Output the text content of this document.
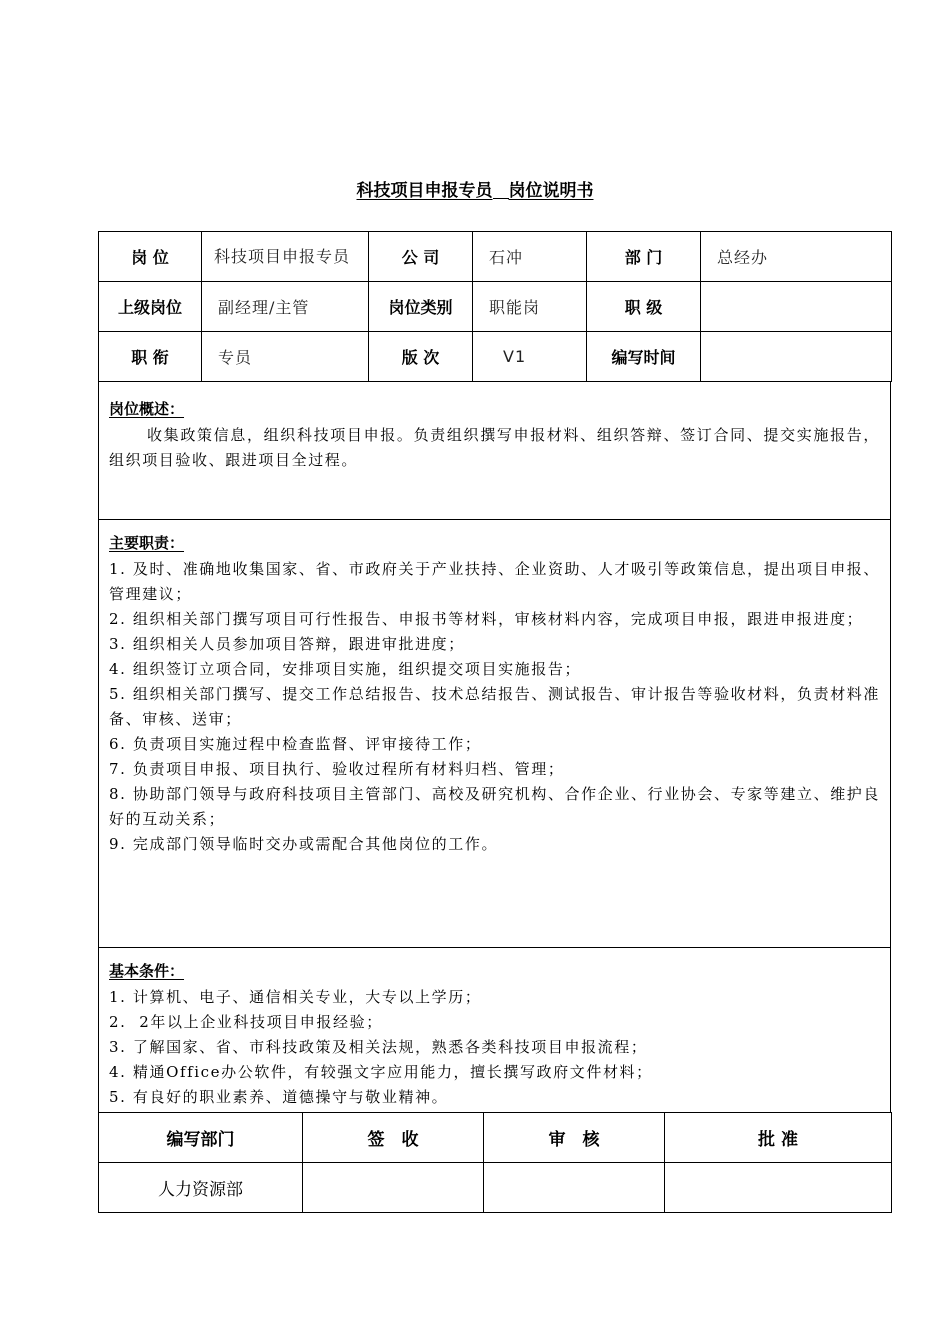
科技项目申报专员 岗位说明书
岗 位	科技项目申报专员	公 司	石冲	部 门	总经办
上级岗位	副经理/主管	岗位类别	职能岗	职 级	
职 衔	专员	版 次	V1	编写时间	
岗位概述：

收集政策信息，组织科技项目申报。负责组织撰写申报材料、组织答辩、签订合同、提交实施报告，组织项目验收、跟进项目全过程。

主要职责：

1. 及时、准确地收集国家、省、市政府关于产业扶持、企业资助、人才吸引等政策信息，提出项目申报、管理建议；

2. 组织相关部门撰写项目可行性报告、申报书等材料，审核材料内容，完成项目申报，跟进申报进度；

3. 组织相关人员参加项目答辩，跟进审批进度；

4. 组织签订立项合同，安排项目实施，组织提交项目实施报告；

5. 组织相关部门撰写、提交工作总结报告、技术总结报告、测试报告、审计报告等验收材料，负责材料准备、审核、送审；

6. 负责项目实施过程中检查监督、评审接待工作；

7. 负责项目申报、项目执行、验收过程所有材料归档、管理；

8. 协助部门领导与政府科技项目主管部门、高校及研究机构、合作企业、行业协会、专家等建立、维护良好的互动关系；

9. 完成部门领导临时交办或需配合其他岗位的工作。

基本条件：

1. 计算机、电子、通信相关专业，大专以上学历；

2.  2年以上企业科技项目申报经验；

3. 了解国家、省、市科技政策及相关法规，熟悉各类科技项目申报流程；

4. 精通Office办公软件，有较强文字应用能力，擅长撰写政府文件材料；

5. 有良好的职业素养、道德操守与敬业精神。

编写部门	签　收	审　核	批 准
人力资源部			
